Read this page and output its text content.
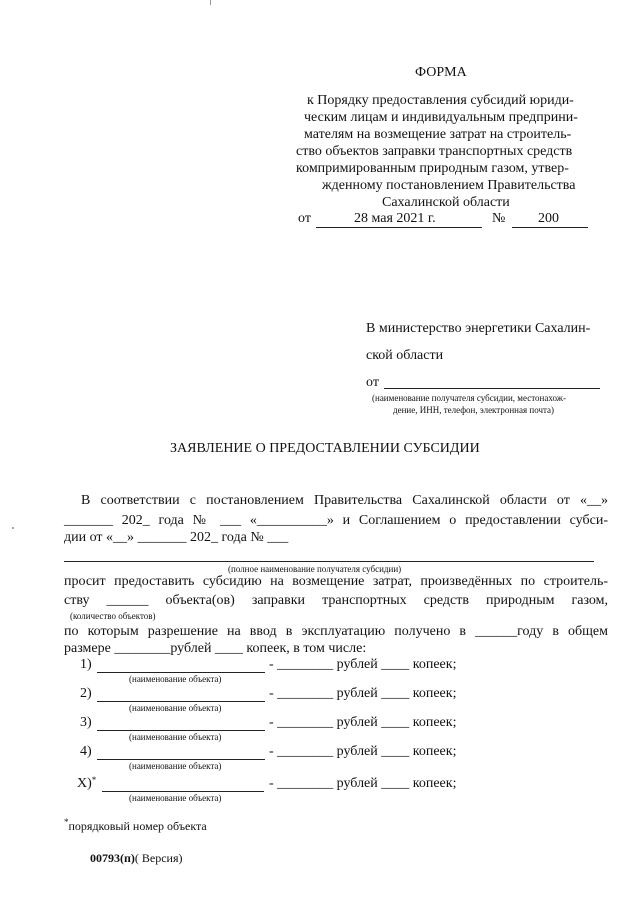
ФОРМА
к Порядку предоставления субсидий юриди-
ческим лицам и индивидуальным предприни-
мателям на возмещение затрат на строитель-
ство объектов заправки транспортных средств
компримированным природным газом, утвер-
жденному постановлением Правительства
Сахалинской области
от	28 мая 2021 г.	№ 200
В министерство энергетики Сахалин-
ской области
от
(наименование получателя субсидии, местонахож-
дение, ИНН, телефон, электронная почта)
ЗАЯВЛЕНИЕ О ПРЕДОСТАВЛЕНИИ СУБСИДИИ
В соответствии с постановлением Правительства Сахалинской области от «__»
_______ 202_ года № ___ «__________» и Соглашением о предоставлении субси-
дии от «__» _______ 202_ года № ___
(полное наименование получателя субсидии)
просит предоставить субсидию на возмещение затрат, произведённых по строитель-
ству ______ объекта(ов) заправки транспортных средств природным газом,
(количество объектов)
по которым разрешение на ввод в эксплуатацию получено в ______году в общем
размере ________рублей ____ копеек, в том числе:
1)	- ________ рублей ____ копеек;
(наименование объекта)
2)	- ________ рублей ____ копеек;
(наименование объекта)
3)	- ________ рублей ____ копеек;
(наименование объекта)
4)	- ________ рублей ____ копеек;
(наименование объекта)
X)*	- ________ рублей ____ копеек;
(наименование объекта)
*порядковый номер объекта
00793(п)( Версия)
